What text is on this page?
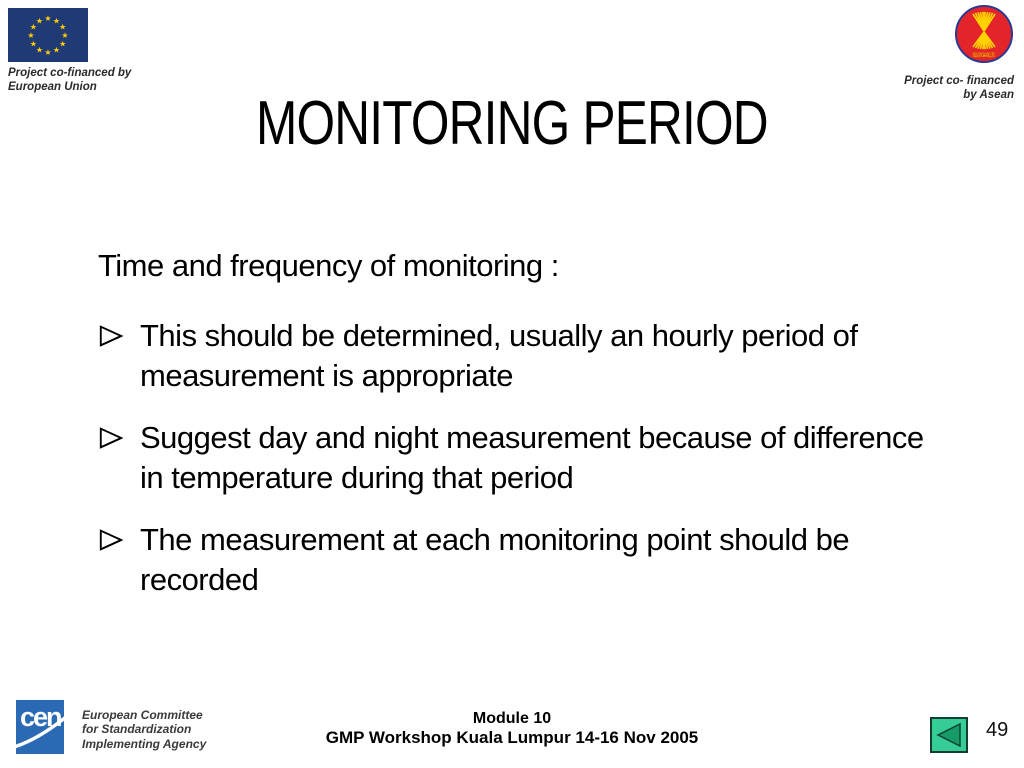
★ ★
★
★
★
★
★
★
★
★
★
★
Project co-financed by
European Union
asean
Project co- financed
by Asean
MONITORING PERIOD

Time and frequency of monitoring :

This should be determined, usually an hourly period of measurement is appropriate
Suggest day and night measurement because of difference in temperature during that period
The measurement at each monitoring point should be recorded
cen European Committee
for Standardization
Implementing Agency
Module 10
GMP Workshop Kuala Lumpur 14-16 Nov 2005	49
